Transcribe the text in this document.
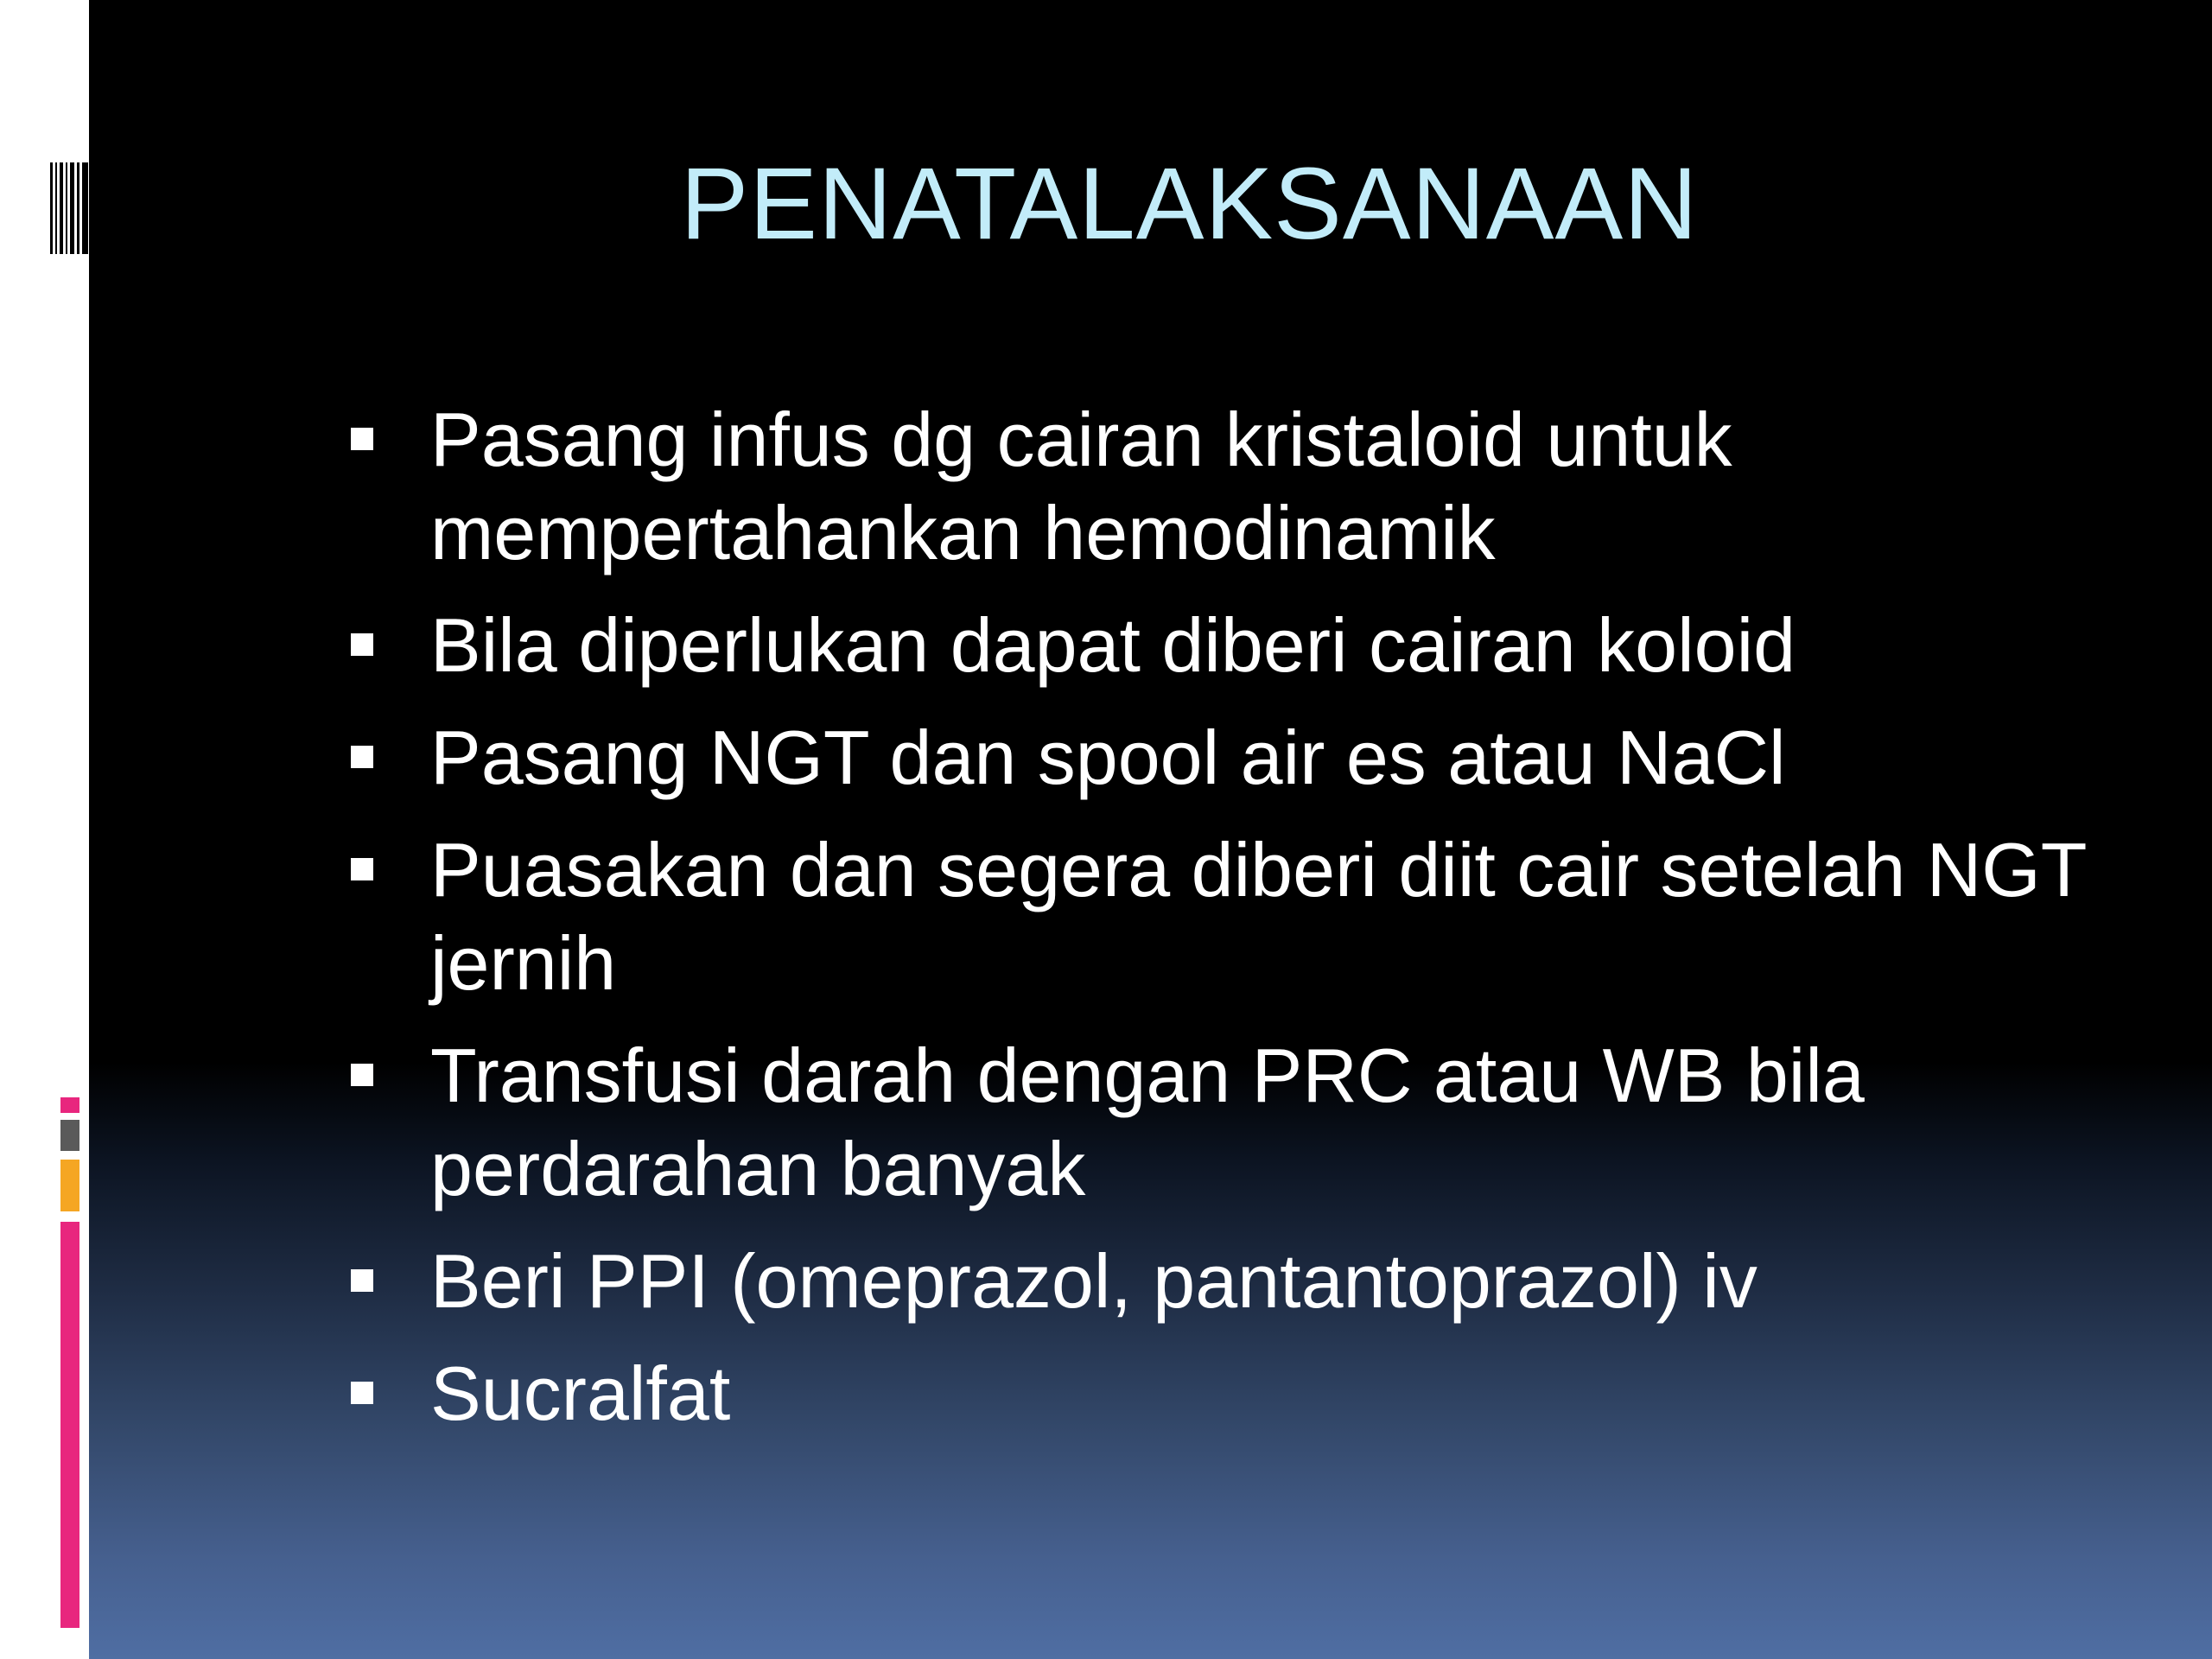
PENATALAKSANAAN
Pasang infus dg cairan kristaloid untuk mempertahankan hemodinamik
Bila diperlukan dapat diberi cairan koloid
Pasang NGT dan spool air es atau NaCl
Puasakan dan segera diberi diit cair setelah NGT jernih
Transfusi darah dengan PRC atau WB bila perdarahan banyak
Beri PPI (omeprazol, pantantoprazol) iv
Sucralfat
